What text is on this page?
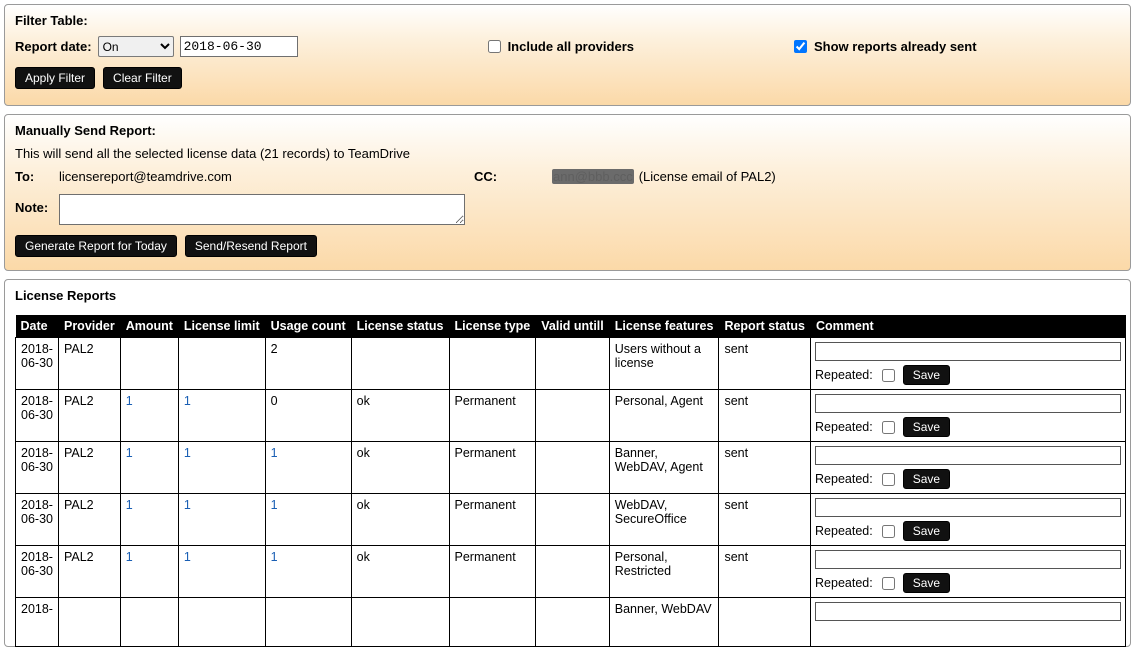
Filter Table:
Report date:
On
2018-06-30	Include all providers	Show reports already sent
Apply Filter	Clear Filter
Manually Send Report:
This will send all the selected license data (21 records) to TeamDrive
To:	licensereport@teamdrive.com	CC:	ann@bbb.ccc (License email of PAL2)
Note:
Generate Report for Today	Send/Resend Report
License Reports
Date	Provider	Amount	License limit	Usage count	License status	License type	Valid untill	License features	Report status	Comment
2018-06-30	PAL2			2				Users without a license	sent	Repeated: Save

2018-06-30	PAL2	1	1	0	ok	Permanent		Personal, Agent	sent	Repeated: Save

2018-06-30	PAL2	1	1	1	ok	Permanent		Banner, WebDAV, Agent	sent	Repeated: Save

2018-06-30	PAL2	1	1	1	ok	Permanent		WebDAV, SecureOffice	sent	Repeated: Save

2018-06-30	PAL2	1	1	1	ok	Permanent		Personal, Restricted	sent	Repeated: Save

2018-								Banner, WebDAV		
